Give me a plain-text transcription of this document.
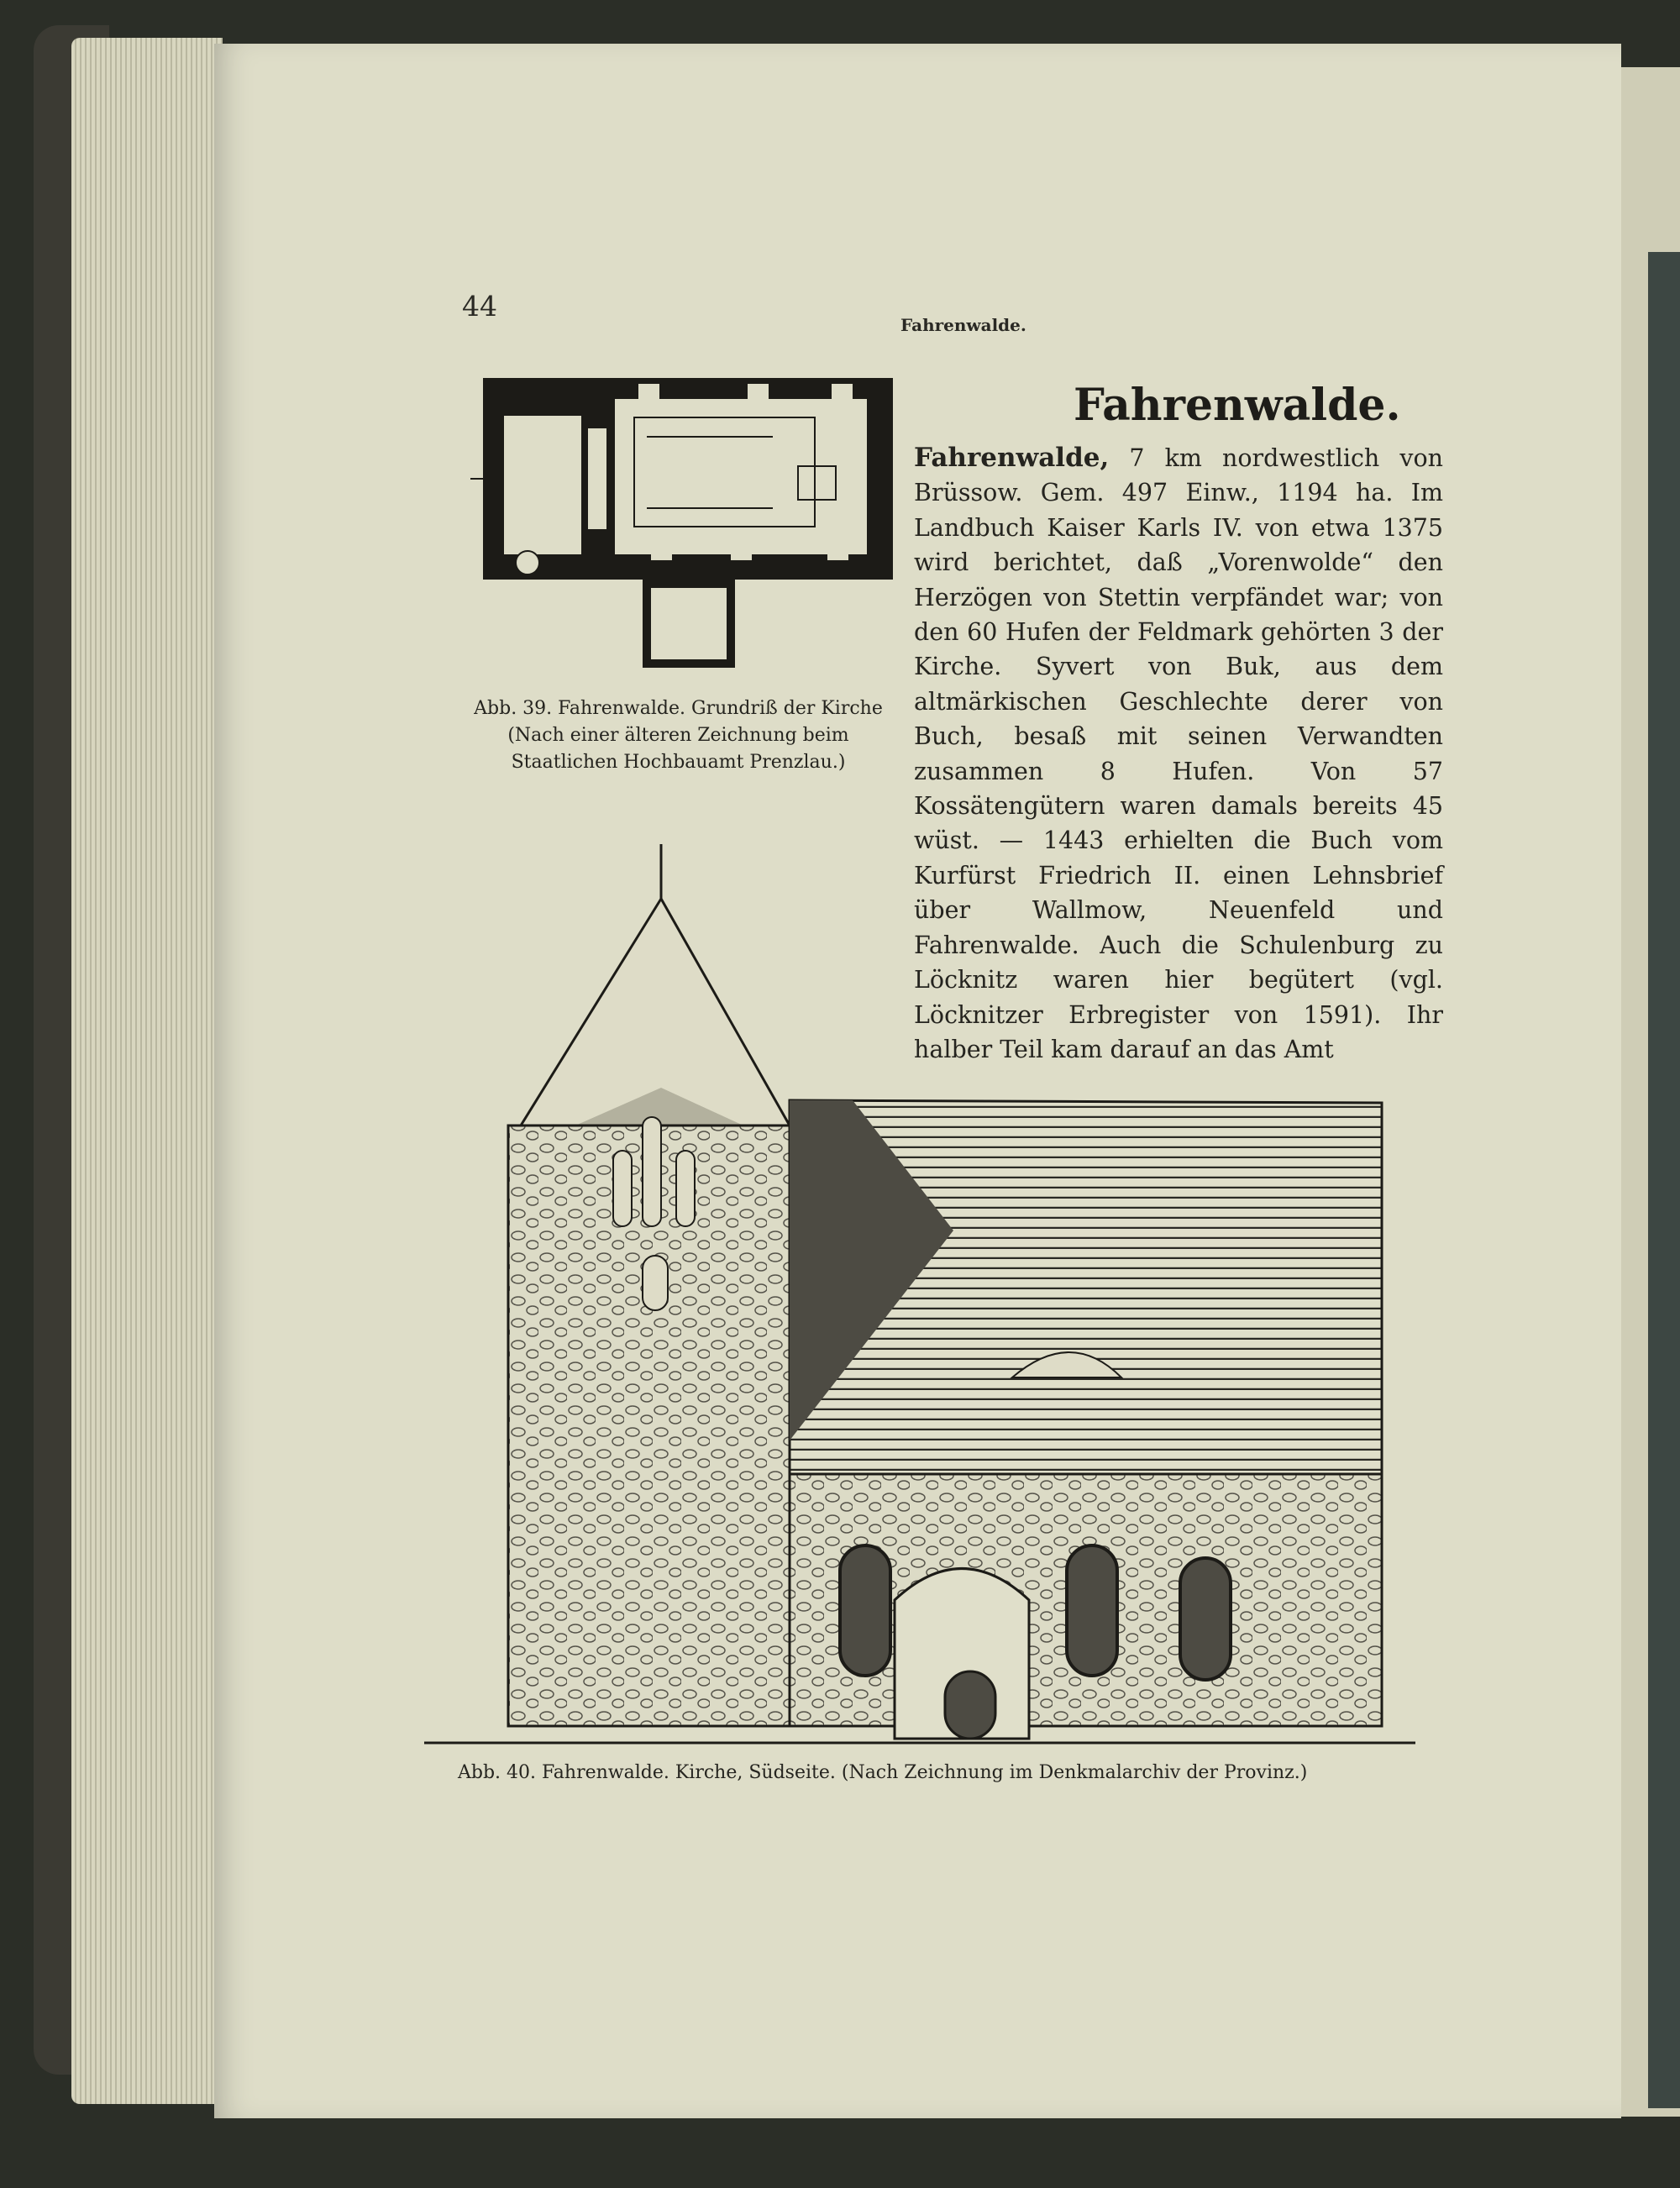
44
Fahrenwalde.
Abb. 39. Fahrenwalde. Grundriß der Kirche (Nach einer älteren Zeichnung beim Staatlichen Hochbauamt Prenzlau.)
Fahrenwalde.
Fahrenwalde, 7 km nordwestlich von Brüssow. Gem. 497 Einw., 1194 ha. Im Landbuch Kaiser Karls IV. von etwa 1375 wird berichtet, daß „Vorenwolde“ den Herzögen von Stettin verpfändet war; von den 60 Hufen der Feldmark gehörten 3 der Kirche. Syvert von Buk, aus dem altmärkischen Geschlechte derer von Buch, besaß mit seinen Verwandten zusammen 8 Hufen. Von 57 Kossätengütern waren damals bereits 45 wüst. — 1443 erhielten die Buch vom Kurfürst Friedrich II. einen Lehnsbrief über Wallmow, Neuenfeld und Fahrenwalde. Auch die Schulenburg zu Löcknitz waren hier begütert (vgl. Löcknitzer Erbregister von 1591). Ihr halber Teil kam darauf an das Amt
Abb. 40. Fahrenwalde. Kirche, Südseite. (Nach Zeichnung im Denkmalarchiv der Provinz.)
